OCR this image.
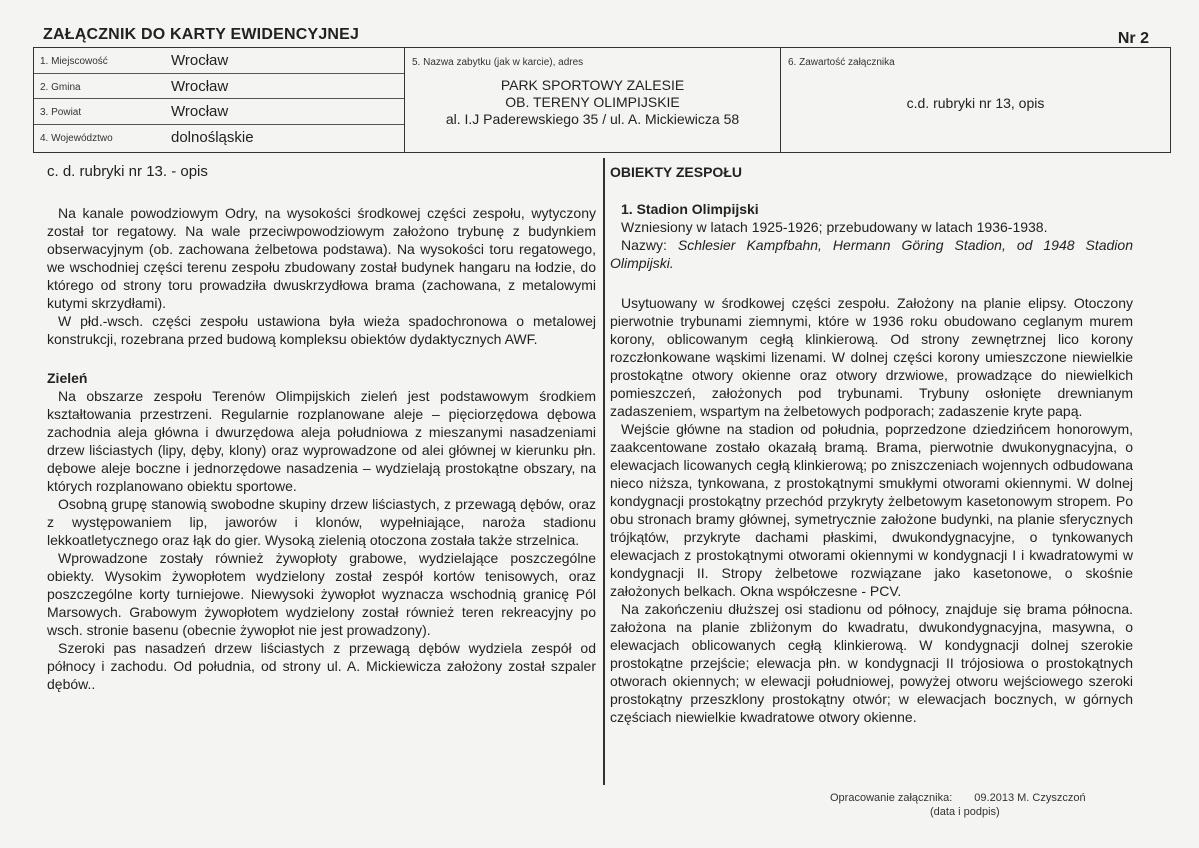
ZAŁĄCZNIK DO KARTY EWIDENCYJNEJ	Nr 2
1. Miejscowość	Wrocław
2. Gmina	Wrocław
3. Powiat	Wrocław
4. Województwo	dolnośląskie
5. Nazwa zabytku (jak w karcie), adres
PARK SPORTOWY ZALESIE
OB. TERENY OLIMPIJSKIE
al. I.J Paderewskiego 35 / ul. A. Mickiewicza 58
6. Zawartość załącznika
c.d. rubryki nr 13, opis

c. d. rubryki nr 13. - opis

Na kanale powodziowym Odry, na wysokości środkowej części zespołu, wytyczony został tor regatowy. Na wale przeciwpowodziowym założono trybunę z budynkiem obserwacyjnym (ob. zachowana żelbetowa podstawa). Na wysokości toru regatowego, we wschodniej części terenu zespołu zbudowany został budynek hangaru na łodzie, do którego od strony toru prowadziła dwuskrzydłowa brama (zachowana, z metalowymi kutymi skrzydłami).

W płd.-wsch. części zespołu ustawiona była wieża spadochronowa o metalowej konstrukcji, rozebrana przed budową kompleksu obiektów dydaktycznych AWF.

Zieleń

Na obszarze zespołu Terenów Olimpijskich zieleń jest podstawowym środkiem kształtowania przestrzeni. Regularnie rozplanowane aleje – pięciorzędowa dębowa zachodnia aleja główna i dwurzędowa aleja południowa z mieszanymi nasadzeniami drzew liściastych (lipy, dęby, klony) oraz wyprowadzone od alei głównej w kierunku płn. dębowe aleje boczne i jednorzędowe nasadzenia – wydzielają prostokątne obszary, na których rozplanowano obiektu sportowe.

Osobną grupę stanowią swobodne skupiny drzew liściastych, z przewagą dębów, oraz z występowaniem lip, jaworów i klonów, wypełniające, naroża stadionu lekkoatletycznego oraz łąk do gier. Wysoką zielenią otoczona została także strzelnica.

Wprowadzone zostały również żywopłoty grabowe, wydzielające poszczególne obiekty. Wysokim żywopłotem wydzielony został zespół kortów tenisowych, oraz poszczególne korty turniejowe. Niewysoki żywopłot wyznacza wschodnią granicę Pól Marsowych. Grabowym żywopłotem wydzielony został również teren rekreacyjny po wsch. stronie basenu (obecnie żywopłot nie jest prowadzony).

Szeroki pas nasadzeń drzew liściastych z przewagą dębów wydziela zespół od północy i zachodu. Od południa, od strony ul. A. Mickiewicza założony został szpaler dębów..

OBIEKTY ZESPOŁU

1. Stadion Olimpijski

Wzniesiony w latach 1925-1926; przebudowany w latach 1936-1938.

Nazwy: Schlesier Kampfbahn, Hermann Göring Stadion, od 1948 Stadion Olimpijski.

Usytuowany w środkowej części zespołu. Założony na planie elipsy. Otoczony pierwotnie trybunami ziemnymi, które w 1936 roku obudowano ceglanym murem korony, oblicowanym cegłą klinkierową. Od strony zewnętrznej lico korony rozczłonkowane wąskimi lizenami. W dolnej części korony umieszczone niewielkie prostokątne otwory okienne oraz otwory drzwiowe, prowadzące do niewielkich pomieszczeń, założonych pod trybunami. Trybuny osłonięte drewnianym zadaszeniem, wspartym na żelbetowych podporach; zadaszenie kryte papą.

Wejście główne na stadion od południa, poprzedzone dziedzińcem honorowym, zaakcentowane zostało okazałą bramą. Brama, pierwotnie dwukonygnacyjna, o elewacjach licowanych cegłą klinkierową; po zniszczeniach wojennych odbudowana nieco niższa, tynkowana, z prostokątnymi smukłymi otworami okiennymi. W dolnej kondygnacji prostokątny przechód przykryty żelbetowym kasetonowym stropem. Po obu stronach bramy głównej, symetrycznie założone budynki, na planie sferycznych trójkątów, przykryte dachami płaskimi, dwukondygnacyjne, o tynkowanych elewacjach z prostokątnymi otworami okiennymi w kondygnacji I i kwadratowymi w kondygnacji II. Stropy żelbetowe rozwiązane jako kasetonowe, o skośnie założonych belkach. Okna współczesne - PCV.

Na zakończeniu dłuższej osi stadionu od północy, znajduje się brama północna. założona na planie zbliżonym do kwadratu, dwukondygnacyjna, masywna, o elewacjach oblicowanych cegłą klinkierową. W kondygnacji dolnej szerokie prostokątne przejście; elewacja płn. w kondygnacji II trójosiowa o prostokątnych otworach okiennych; w elewacji południowej, powyżej otworu wejściowego szeroki prostokątny przeszklony prostokątny otwór; w elewacjach bocznych, w górnych częściach niewielkie kwadratowe otwory okienne.

Opracowanie załącznika: 09.2013 M. Czyszczoń
(data i podpis)
